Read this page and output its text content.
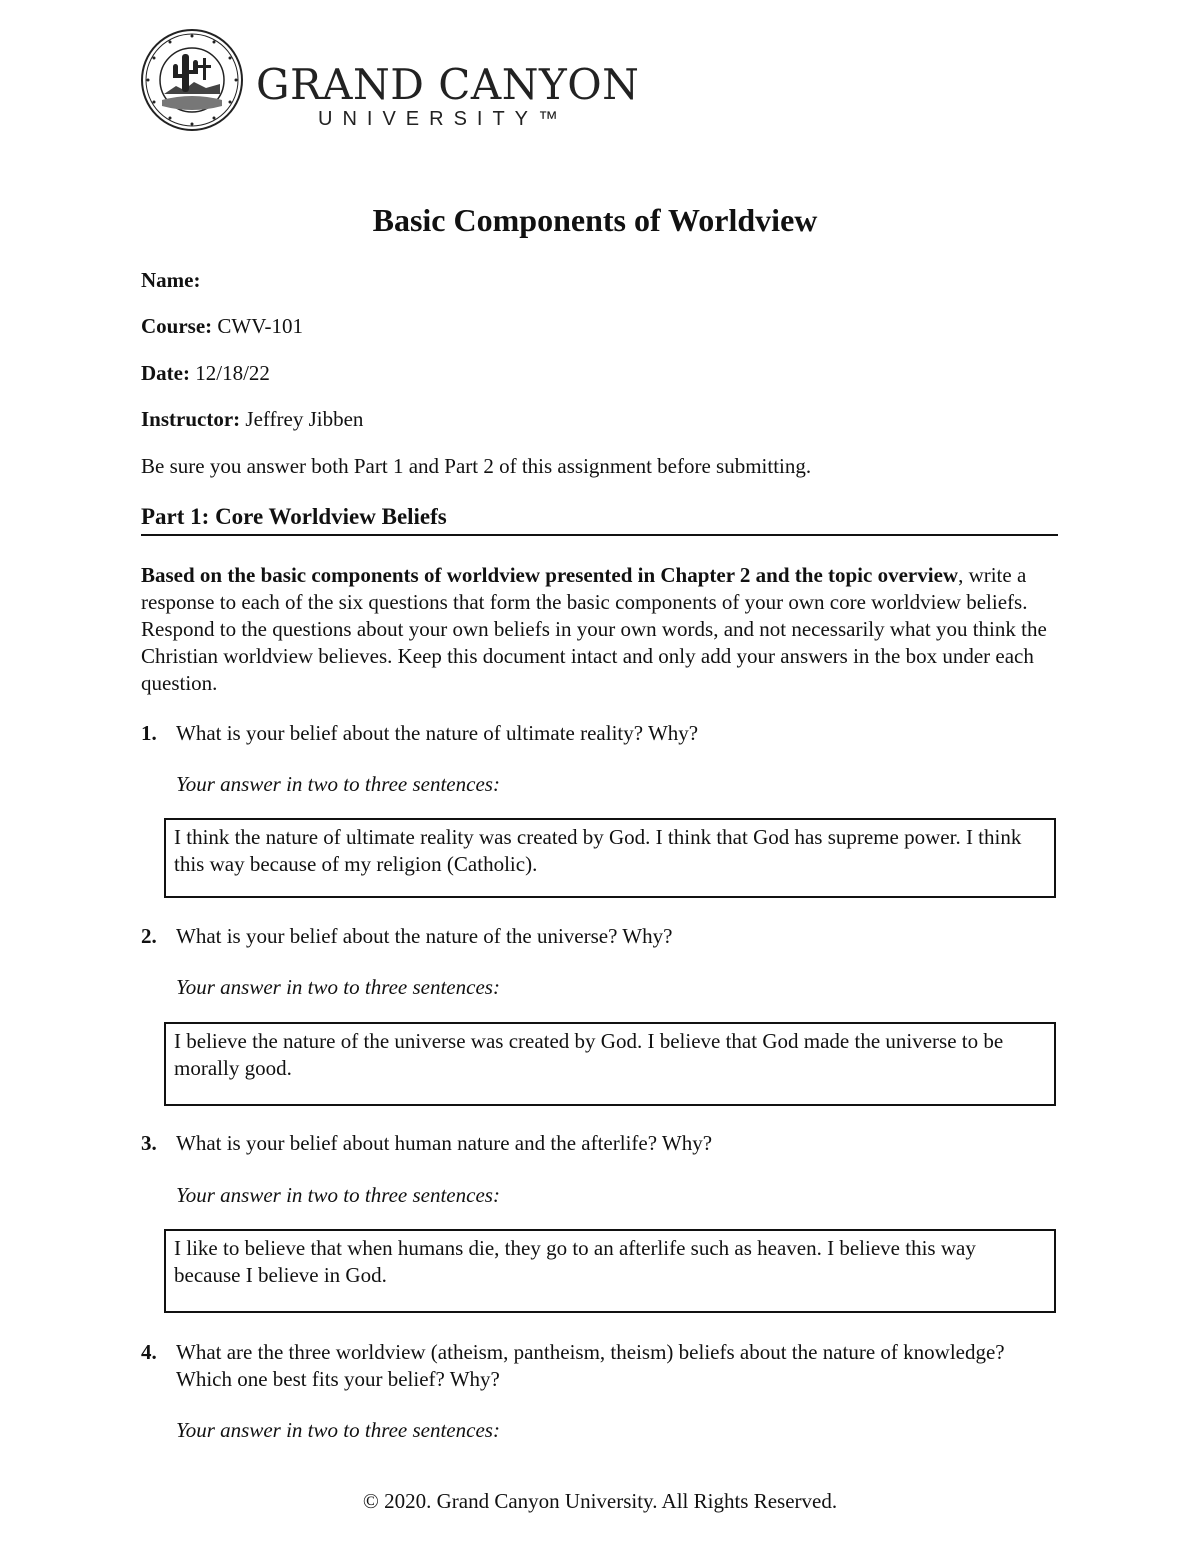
GRAND CANYON
UNIVERSITY™
Basic Components of Worldview
Name:
Course: CWV-101
Date: 12/18/22
Instructor: Jeffrey Jibben
Be sure you answer both Part 1 and Part 2 of this assignment before submitting.
Part 1: Core Worldview Beliefs
Based on the basic components of worldview presented in Chapter 2 and the topic overview, write a response to each of the six questions that form the basic components of your own core worldview beliefs. Respond to the questions about your own beliefs in your own words, and not necessarily what you think the Christian worldview believes. Keep this document intact and only add your answers in the box under each question.
1. What is your belief about the nature of ultimate reality? Why?
Your answer in two to three sentences:
I think the nature of ultimate reality was created by God. I think that God has supreme power. I think this way because of my religion (Catholic).
2. What is your belief about the nature of the universe? Why?
Your answer in two to three sentences:
I believe the nature of the universe was created by God. I believe that God made the universe to be morally good.
3. What is your belief about human nature and the afterlife? Why?
Your answer in two to three sentences:
I like to believe that when humans die, they go to an afterlife such as heaven. I believe this way because I believe in God.
4. What are the three worldview (atheism, pantheism, theism) beliefs about the nature of knowledge? Which one best fits your belief? Why?
Your answer in two to three sentences:
© 2020. Grand Canyon University. All Rights Reserved.
